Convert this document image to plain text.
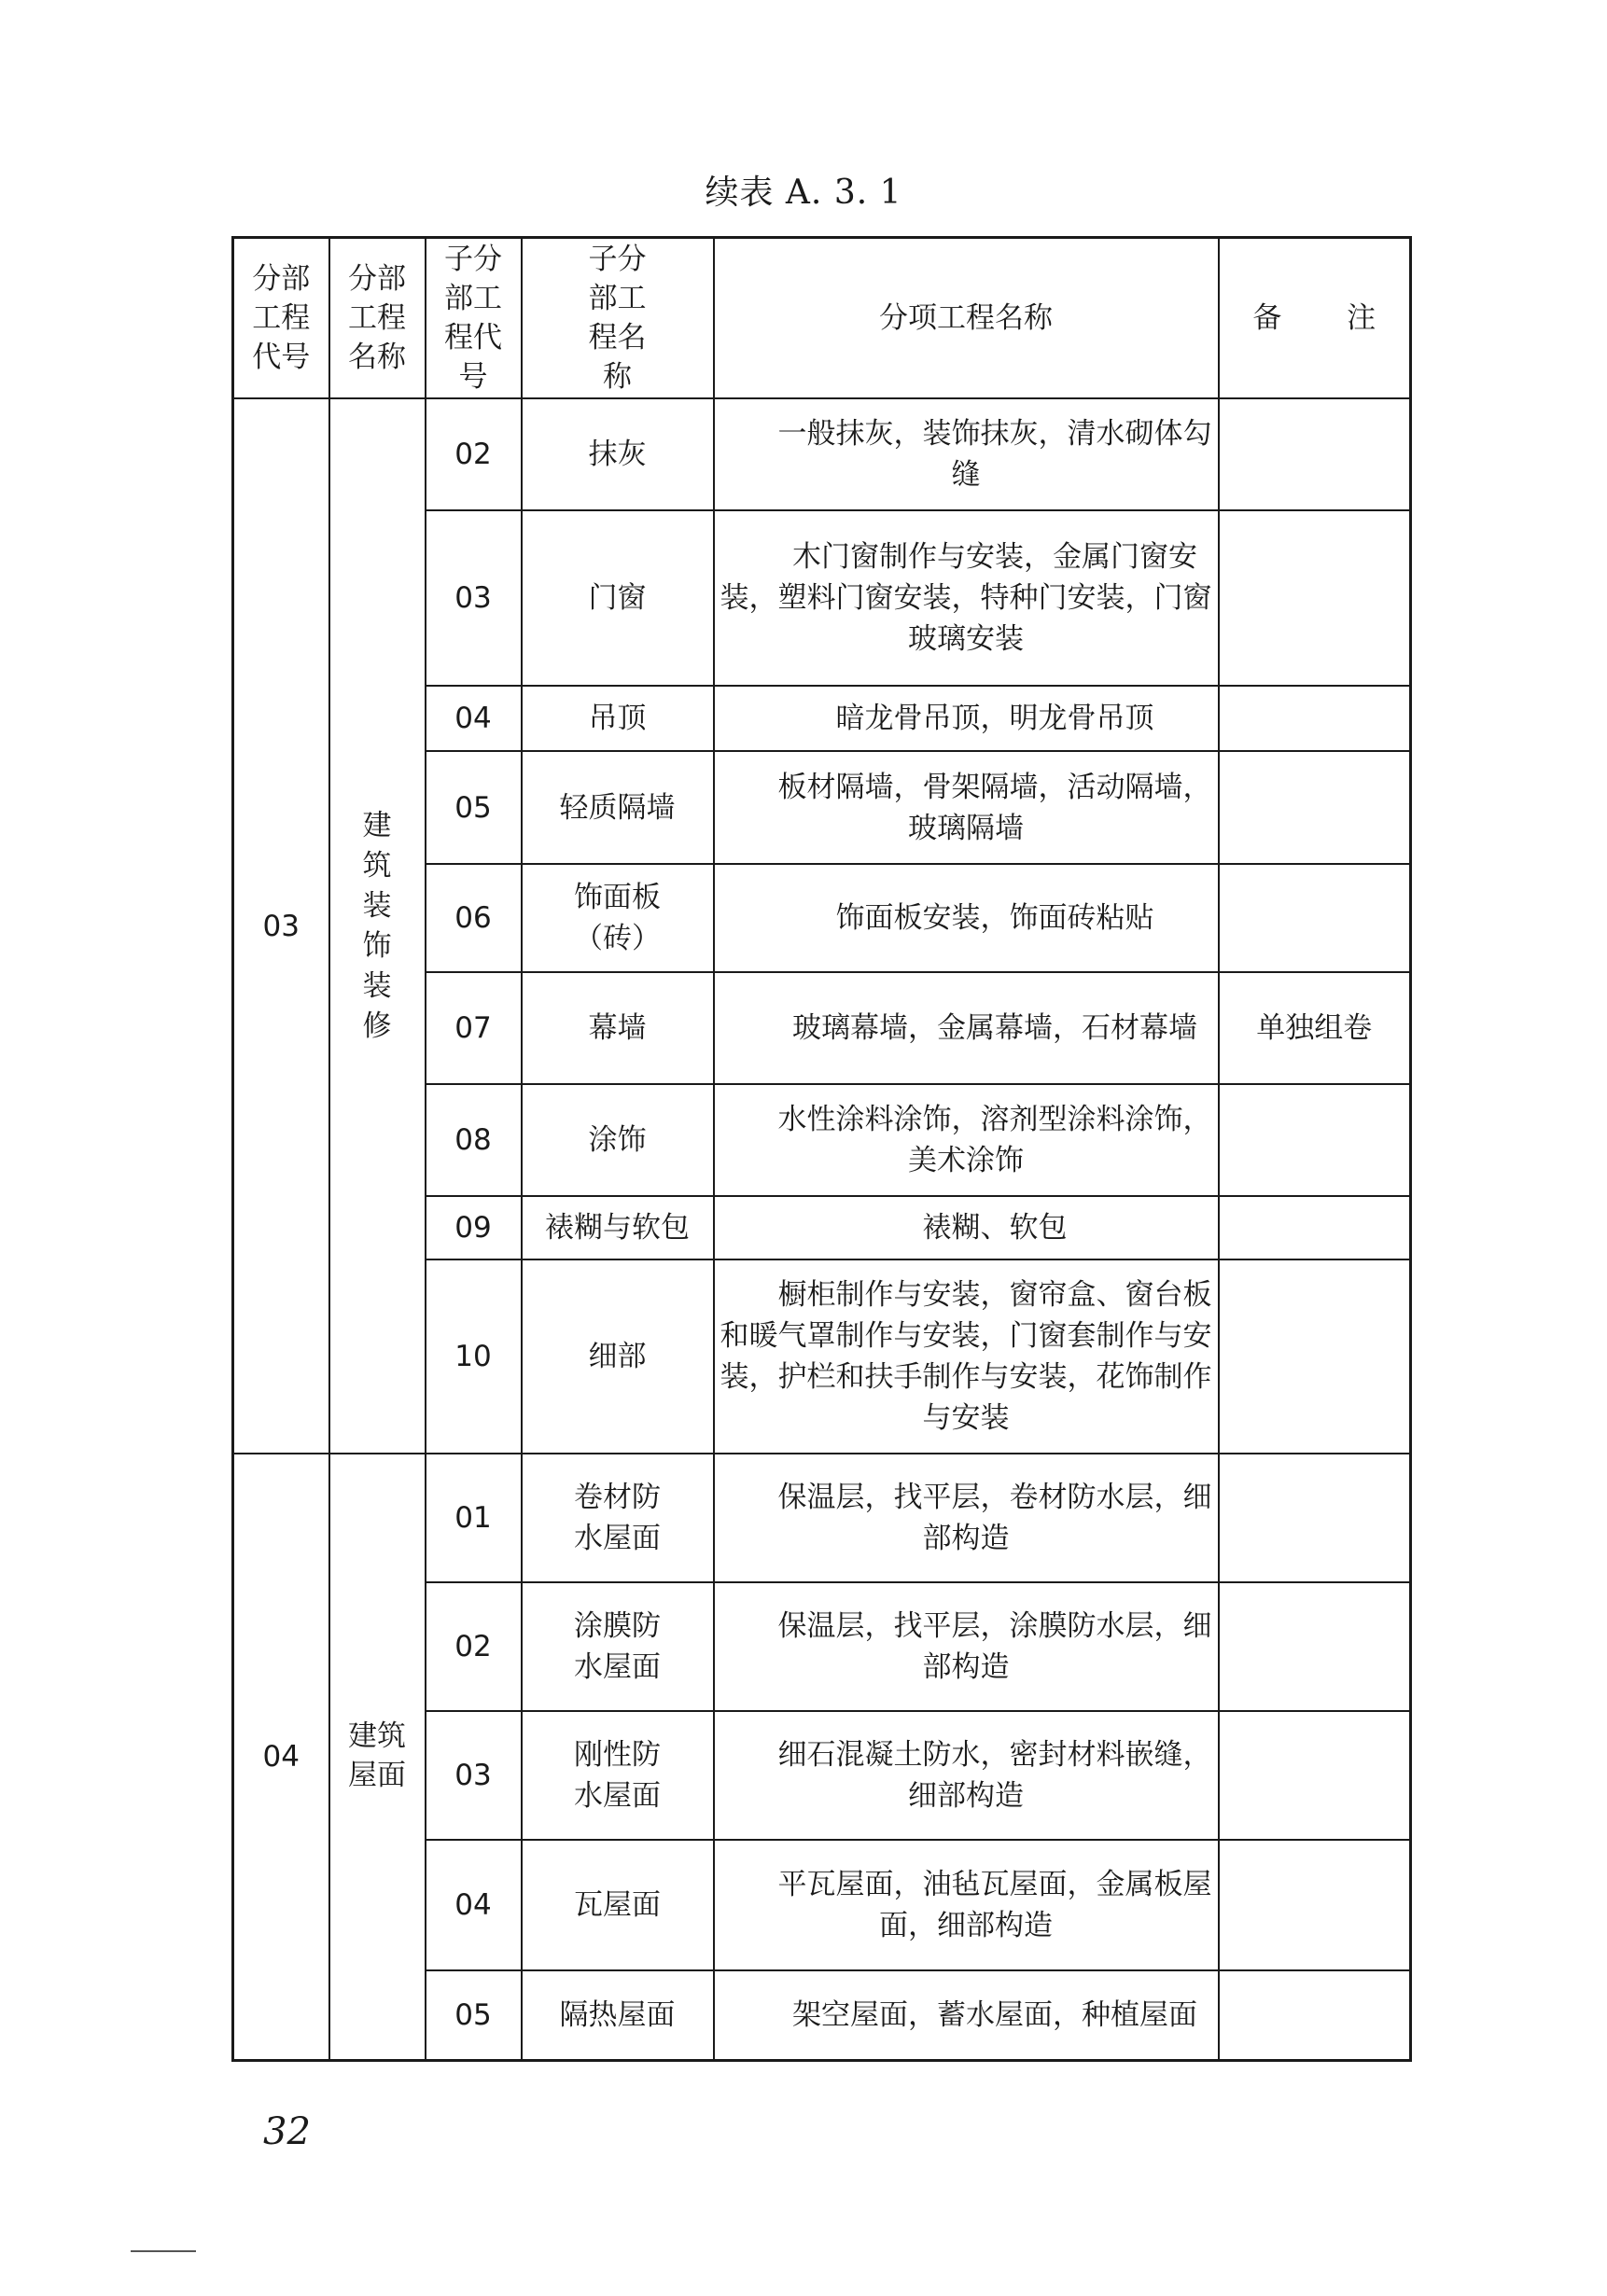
续表 A. 3. 1
分部工程代号	分部工程名称	子分部工程代号	子分部工程名称	分项工程名称	备 注
03	建筑装饰装修	02	抹灰	一般抹灰，装饰抹灰，清水砌体勾缝	
		03	门窗	木门窗制作与安装，金属门窗安装，塑料门窗安装，特种门安装，门窗玻璃安装	
		04	吊顶	暗龙骨吊顶，明龙骨吊顶	
		05	轻质隔墙	板材隔墙，骨架隔墙，活动隔墙，玻璃隔墙	
		06	饰面板（砖）	饰面板安装，饰面砖粘贴	
		07	幕墙	玻璃幕墙，金属幕墙，石材幕墙	单独组卷
		08	涂饰	水性涂料涂饰，溶剂型涂料涂饰，美术涂饰	
		09	裱糊与软包	裱糊、软包	
		10	细部	橱柜制作与安装，窗帘盒、窗台板和暖气罩制作与安装，门窗套制作与安装，护栏和扶手制作与安装，花饰制作与安装	
04	建筑屋面	01	卷材防水屋面	保温层，找平层，卷材防水层，细部构造	
		02	涂膜防水屋面	保温层，找平层，涂膜防水层，细部构造	
		03	刚性防水屋面	细石混凝土防水，密封材料嵌缝，细部构造	
		04	瓦屋面	平瓦屋面，油毡瓦屋面，金属板屋面，细部构造	
		05	隔热屋面	架空屋面，蓄水屋面，种植屋面	
32
